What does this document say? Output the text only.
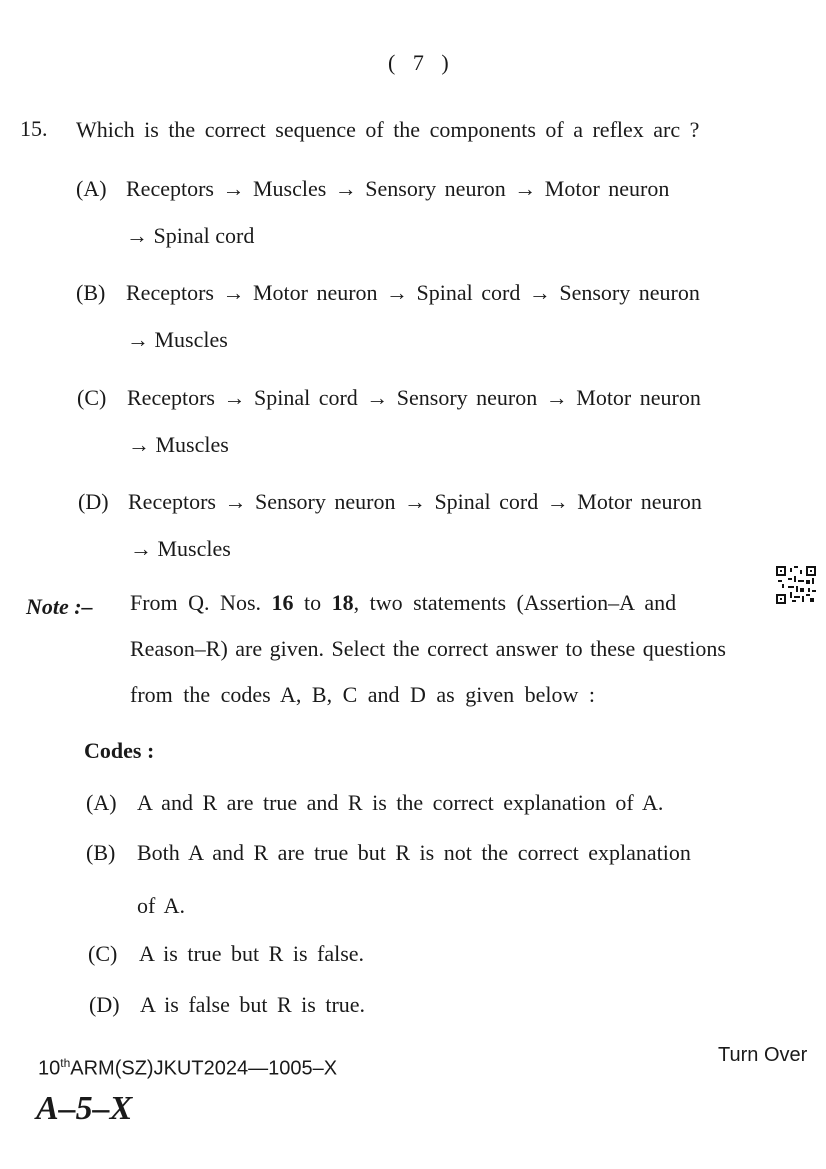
( 7 )
15. Which is the correct sequence of the components of a reflex arc ?
(A) Receptors → Muscles → Sensory neuron → Motor neuron
→ Spinal cord
(B) Receptors → Motor neuron → Spinal cord → Sensory neuron
→ Muscles
(C) Receptors → Spinal cord → Sensory neuron → Motor neuron
→ Muscles
(D) Receptors → Sensory neuron → Spinal cord → Motor neuron
→ Muscles
Note :– From Q. Nos. 16 to 18, two statements (Assertion–A and
Reason–R) are given. Select the correct answer to these questions
from the codes A, B, C and D as given below :
Codes :
(A) A and R are true and R is the correct explanation of A.
(B) Both A and R are true but R is not the correct explanation
of A.
(C) A is true but R is false.
(D) A is false but R is true.
10thARM(SZ)JKUT2024—1005–X
Turn Over
A–5–X
